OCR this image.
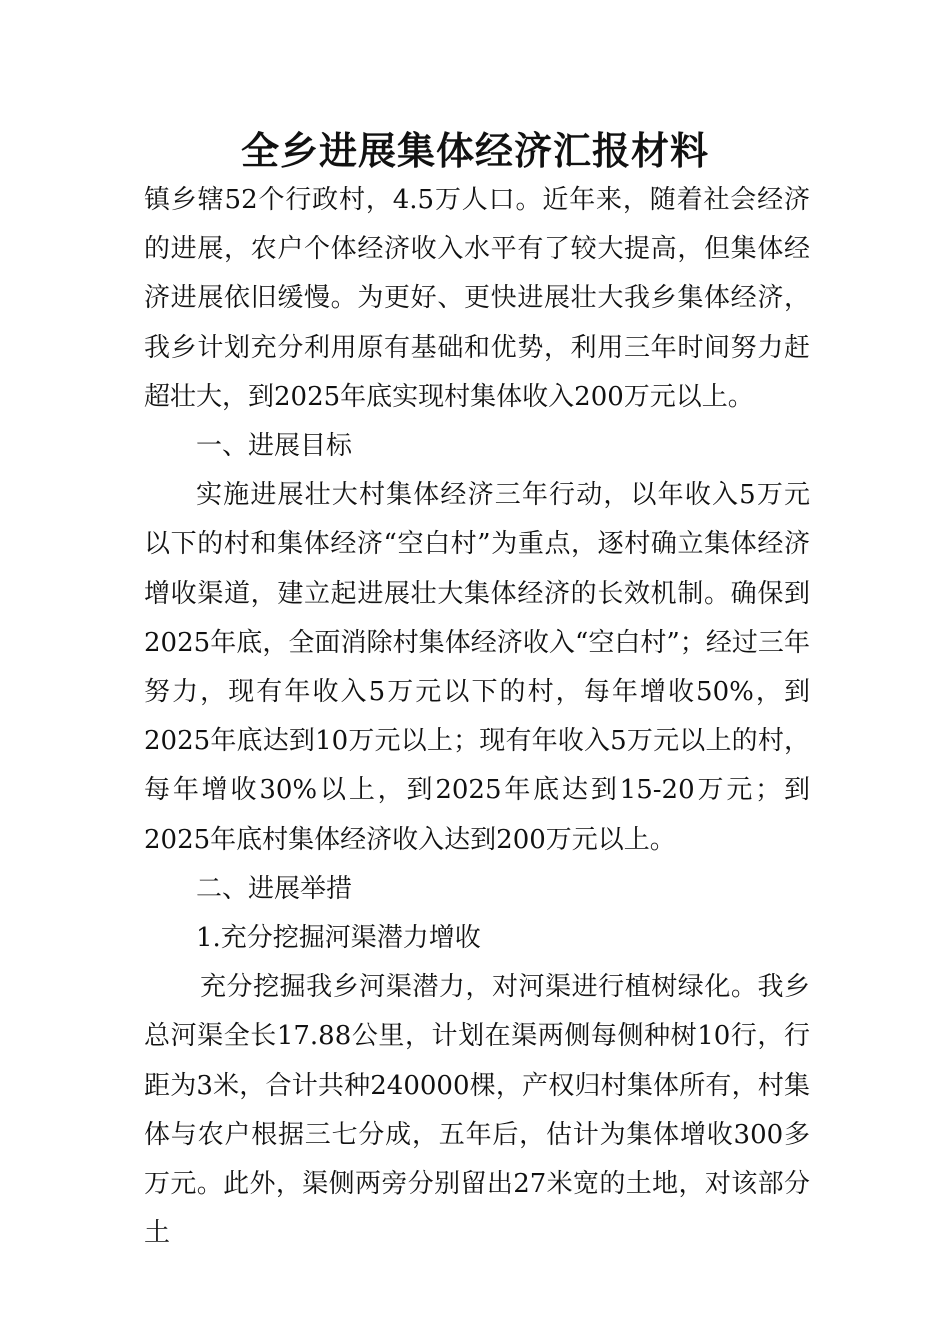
全乡进展集体经济汇报材料

镇乡辖52个行政村，4.5万人口。近年来，随着社会经济的进展，农户个体经济收入水平有了较大提高，但集体经济进展依旧缓慢。为更好、更快进展壮大我乡集体经济，我乡计划充分利用原有基础和优势，利用三年时间努力赶超壮大，到2025年底实现村集体收入200万元以上。

一、进展目标

实施进展壮大村集体经济三年行动，以年收入5万元以下的村和集体经济“空白村”为重点，逐村确立集体经济增收渠道，建立起进展壮大集体经济的长效机制。确保到2025年底，全面消除村集体经济收入“空白村”；经过三年努力，现有年收入5万元以下的村，每年增收50%，到2025年底达到10万元以上；现有年收入5万元以上的村，每年增收30%以上，到2025年底达到15-20万元；到2025年底村集体经济收入达到200万元以上。

二、进展举措

1.充分挖掘河渠潜力增收

充分挖掘我乡河渠潜力，对河渠进行植树绿化。我乡总河渠全长17.88公里，计划在渠两侧每侧种树10行，行距为3米，合计共种240000棵，产权归村集体所有，村集体与农户根据三七分成，五年后，估计为集体增收300多万元。此外，渠侧两旁分别留出27米宽的土地，对该部分土
